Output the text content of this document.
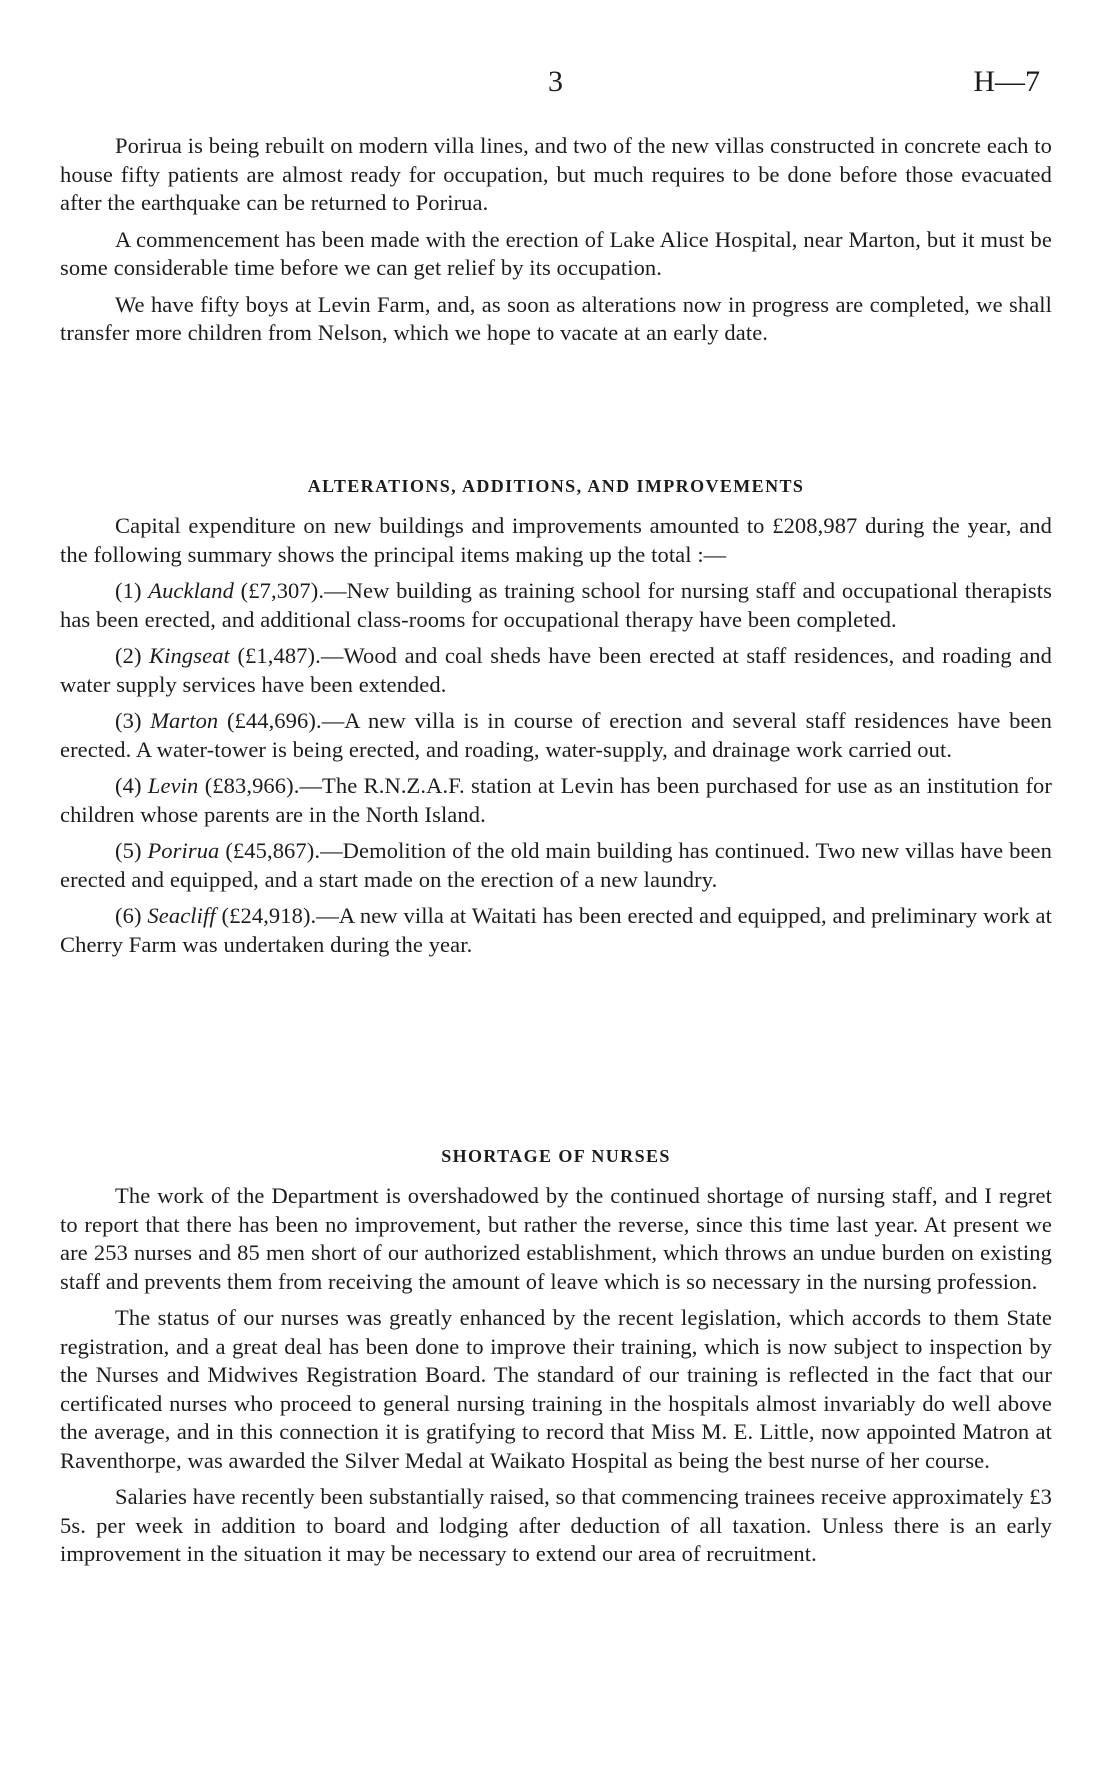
3	H—7

Porirua is being rebuilt on modern villa lines, and two of the new villas constructed in concrete each to house fifty patients are almost ready for occupation, but much requires to be done before those evacuated after the earthquake can be returned to Porirua.

A commencement has been made with the erection of Lake Alice Hospital, near Marton, but it must be some considerable time before we can get relief by its occupation.

We have fifty boys at Levin Farm, and, as soon as alterations now in progress are completed, we shall transfer more children from Nelson, which we hope to vacate at an early date.

ALTERATIONS, ADDITIONS, AND IMPROVEMENTS

Capital expenditure on new buildings and improvements amounted to £208,987 during the year, and the following summary shows the principal items making up the total :—

(1) Auckland (£7,307).—New building as training school for nursing staff and occupational therapists has been erected, and additional class-rooms for occupational therapy have been completed.

(2) Kingseat (£1,487).—Wood and coal sheds have been erected at staff residences, and roading and water supply services have been extended.

(3) Marton (£44,696).—A new villa is in course of erection and several staff residences have been erected. A water-tower is being erected, and roading, water-supply, and drainage work carried out.

(4) Levin (£83,966).—The R.N.Z.A.F. station at Levin has been purchased for use as an institution for children whose parents are in the North Island.

(5) Porirua (£45,867).—Demolition of the old main building has continued. Two new villas have been erected and equipped, and a start made on the erection of a new laundry.

(6) Seacliff (£24,918).—A new villa at Waitati has been erected and equipped, and preliminary work at Cherry Farm was undertaken during the year.

SHORTAGE OF NURSES

The work of the Department is overshadowed by the continued shortage of nursing staff, and I regret to report that there has been no improvement, but rather the reverse, since this time last year. At present we are 253 nurses and 85 men short of our authorized establishment, which throws an undue burden on existing staff and prevents them from receiving the amount of leave which is so necessary in the nursing profession.

The status of our nurses was greatly enhanced by the recent legislation, which accords to them State registration, and a great deal has been done to improve their training, which is now subject to inspection by the Nurses and Midwives Registration Board. The standard of our training is reflected in the fact that our certificated nurses who proceed to general nursing training in the hospitals almost invariably do well above the average, and in this connection it is gratifying to record that Miss M. E. Little, now appointed Matron at Raventhorpe, was awarded the Silver Medal at Waikato Hospital as being the best nurse of her course.

Salaries have recently been substantially raised, so that commencing trainees receive approximately £3 5s. per week in addition to board and lodging after deduction of all taxation. Unless there is an early improvement in the situation it may be necessary to extend our area of recruitment.
